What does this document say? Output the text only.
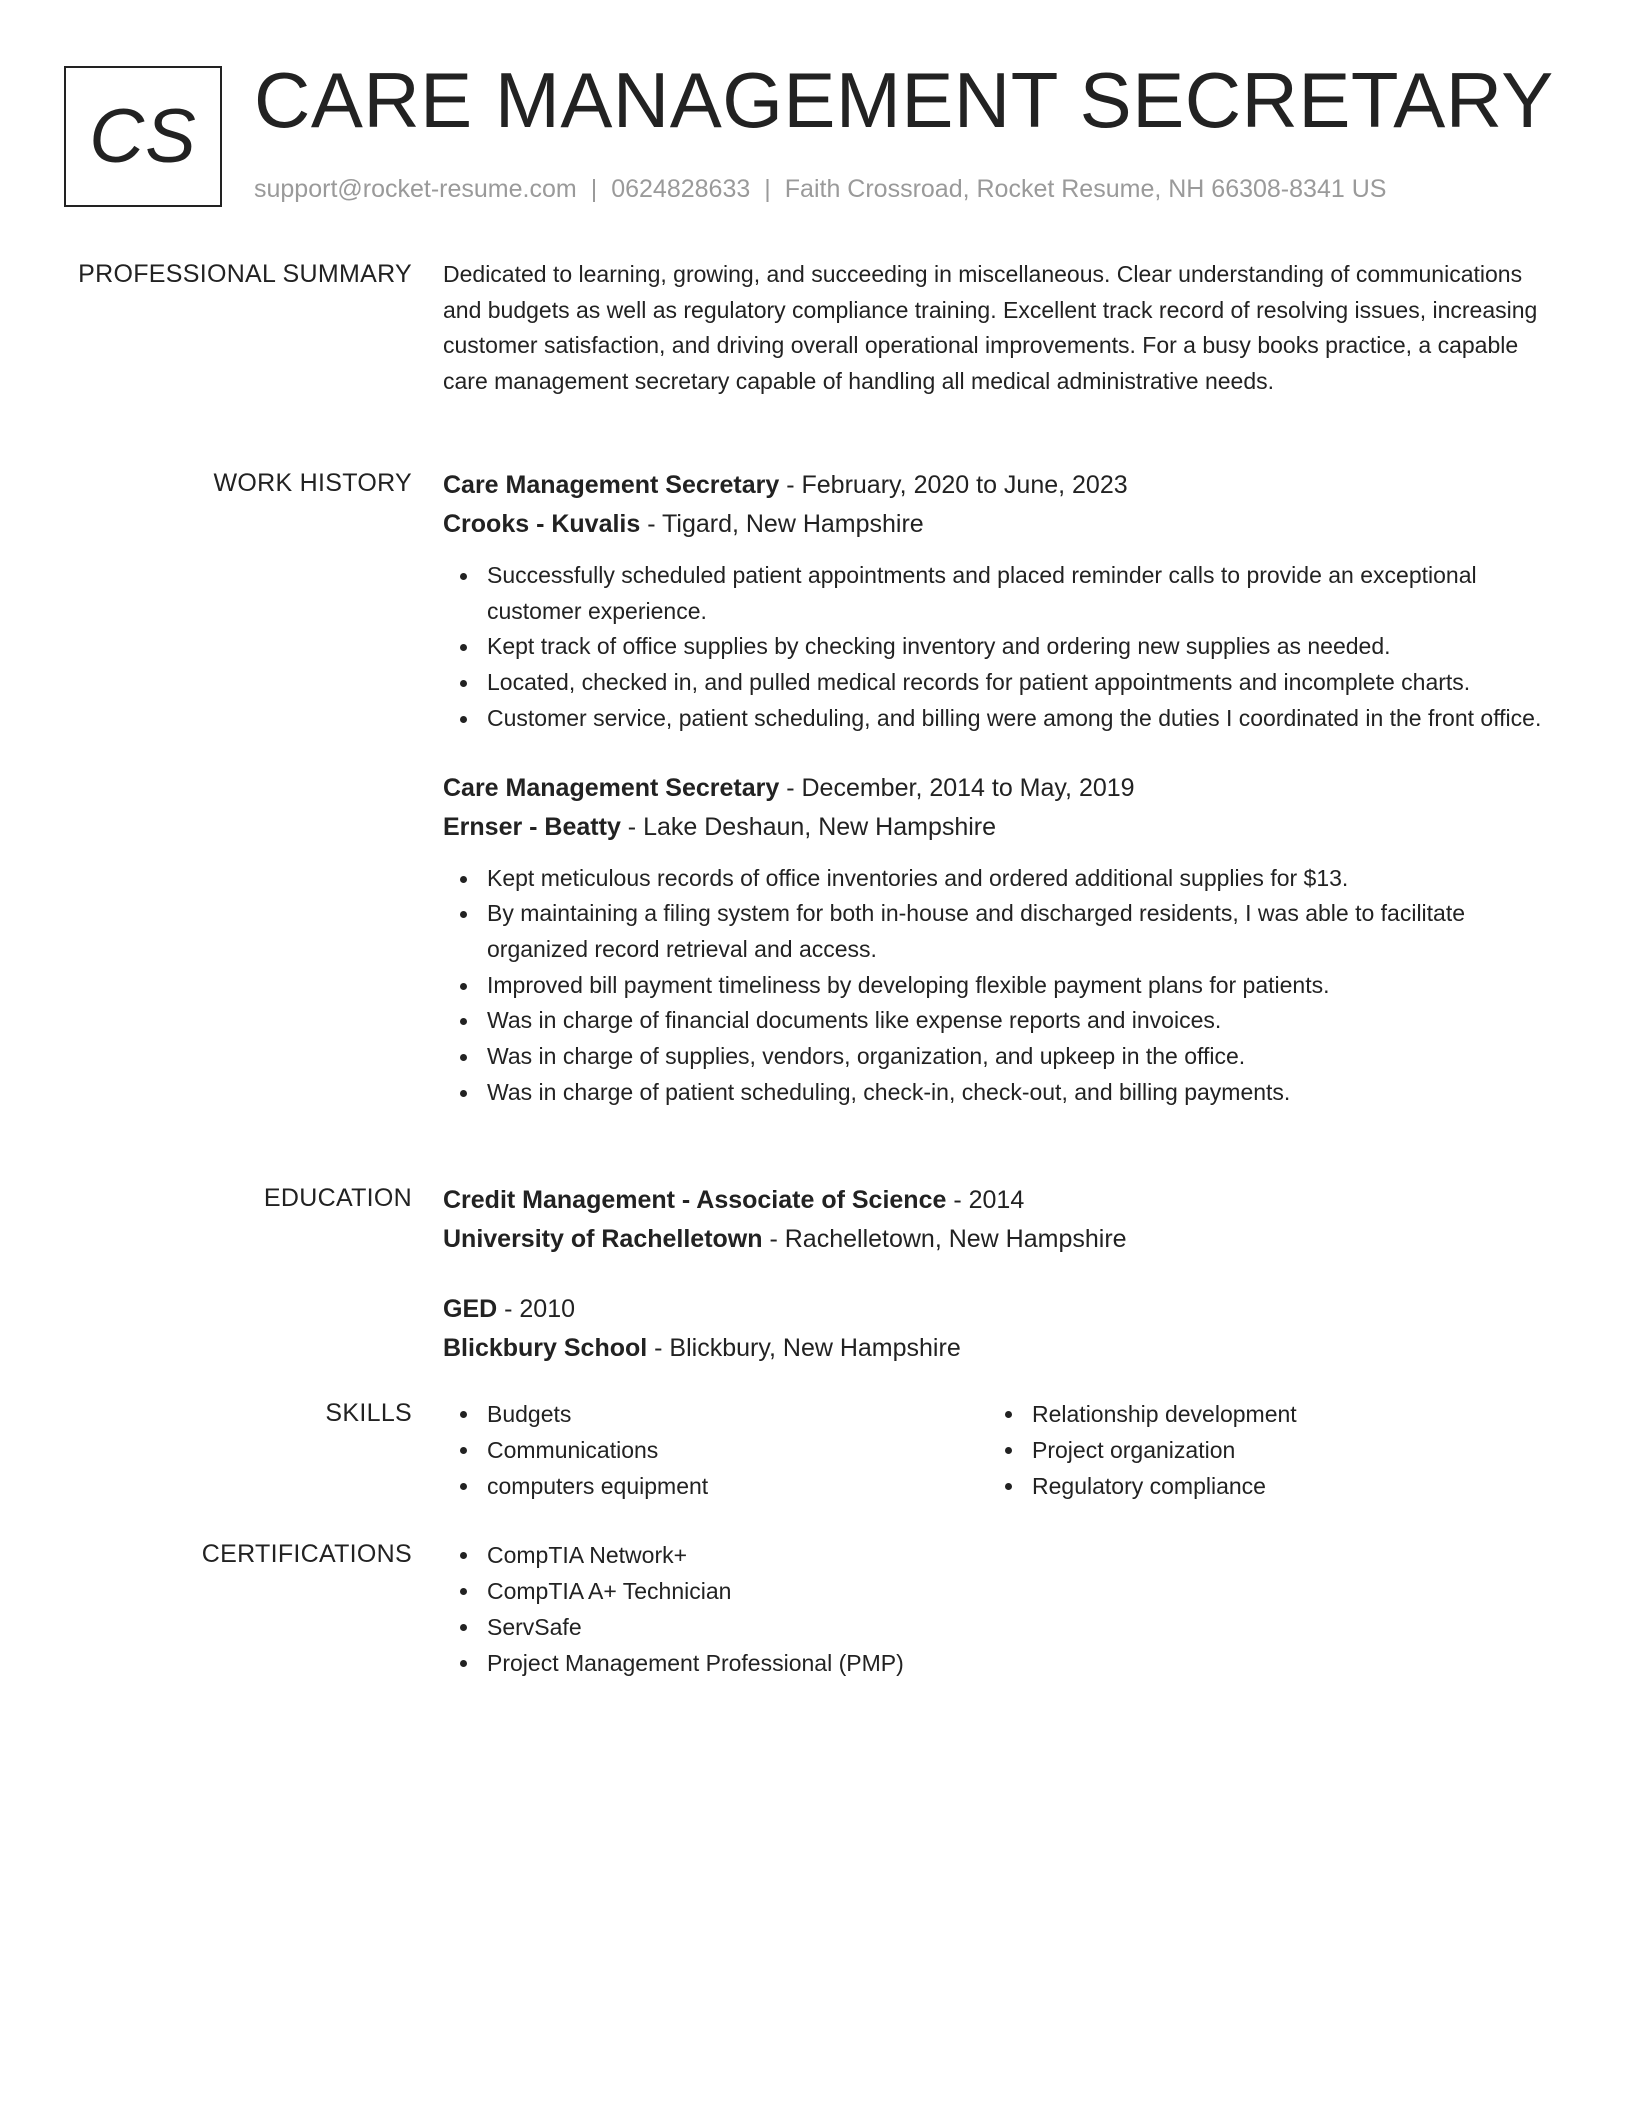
CS CARE MANAGEMENT SECRETARY
support@rocket-resume.com | 0624828633 | Faith Crossroad, Rocket Resume, NH 66308-8341 US
PROFESSIONAL SUMMARY Dedicated to learning, growing, and succeeding in miscellaneous. Clear understanding of communications and budgets as well as regulatory compliance training. Excellent track record of resolving issues, increasing customer satisfaction, and driving overall operational improvements. For a busy books practice, a capable care management secretary capable of handling all medical administrative needs.

WORK HISTORY Care Management Secretary - February, 2020 to June, 2023

Crooks - Kuvalis - Tigard, New Hampshire

Successfully scheduled patient appointments and placed reminder calls to provide an exceptional customer experience.
Kept track of office supplies by checking inventory and ordering new supplies as needed.
Located, checked in, and pulled medical records for patient appointments and incomplete charts.
Customer service, patient scheduling, and billing were among the duties I coordinated in the front office.

Care Management Secretary - December, 2014 to May, 2019

Ernser - Beatty - Lake Deshaun, New Hampshire

Kept meticulous records of office inventories and ordered additional supplies for $13.
By maintaining a filing system for both in-house and discharged residents, I was able to facilitate organized record retrieval and access.
Improved bill payment timeliness by developing flexible payment plans for patients.
Was in charge of financial documents like expense reports and invoices.
Was in charge of supplies, vendors, organization, and upkeep in the office.
Was in charge of patient scheduling, check-in, check-out, and billing payments.
EDUCATION Credit Management - Associate of Science - 2014

University of Rachelletown - Rachelletown, New Hampshire

GED - 2010

Blickbury School - Blickbury, New Hampshire

SKILLS	Budgets
Communications
computers equipment
Relationship development
Project organization
Regulatory compliance
CERTIFICATIONS	CompTIA Network+
CompTIA A+ Technician
ServSafe
Project Management Professional (PMP)
